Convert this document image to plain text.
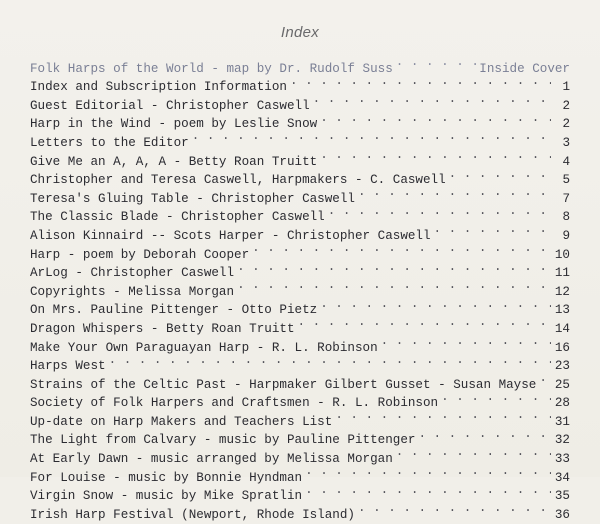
Index
Folk Harps of the World - map by Dr. Rudolf Suss . . .	Inside Cover
Index and Subscription Information . . .	1
Guest Editorial - Christopher Caswell . . .	2
Harp in the Wind - poem by Leslie Snow . . .	2
Letters to the Editor . . .	3
Give Me an A, A, A - Betty Roan Truitt . . .	4
Christopher and Teresa Caswell, Harpmakers - C. Caswell . . .	5
Teresa's Gluing Table - Christopher Caswell . . .	7
The Classic Blade - Christopher Caswell . . .	8
Alison Kinnaird -- Scots Harper - Christopher Caswell . . .	9
Harp - poem by Deborah Cooper . . .	10
ArLog - Christopher Caswell . . .	11
Copyrights - Melissa Morgan . . .	12
On Mrs. Pauline Pittenger - Otto Pietz . . .	13
Dragon Whispers - Betty Roan Truitt . . .	14
Make Your Own Paraguayan Harp - R. L. Robinson . . .	16
Harps West . . .	23
Strains of the Celtic Past - Harpmaker Gilbert Gusset - Susan Mayse . . . 25
Society of Folk Harpers and Craftsmen - R. L. Robinson . . .	28
Up-date on Harp Makers and Teachers List . . .	31
The Light from Calvary - music by Pauline Pittenger . . .	32
At Early Dawn - music arranged by Melissa Morgan . . .	33
For Louise - music by Bonnie Hyndman . . .	34
Virgin Snow - music by Mike Spratlin . . .	35
Irish Harp Festival (Newport, Rhode Island) . . .	36
